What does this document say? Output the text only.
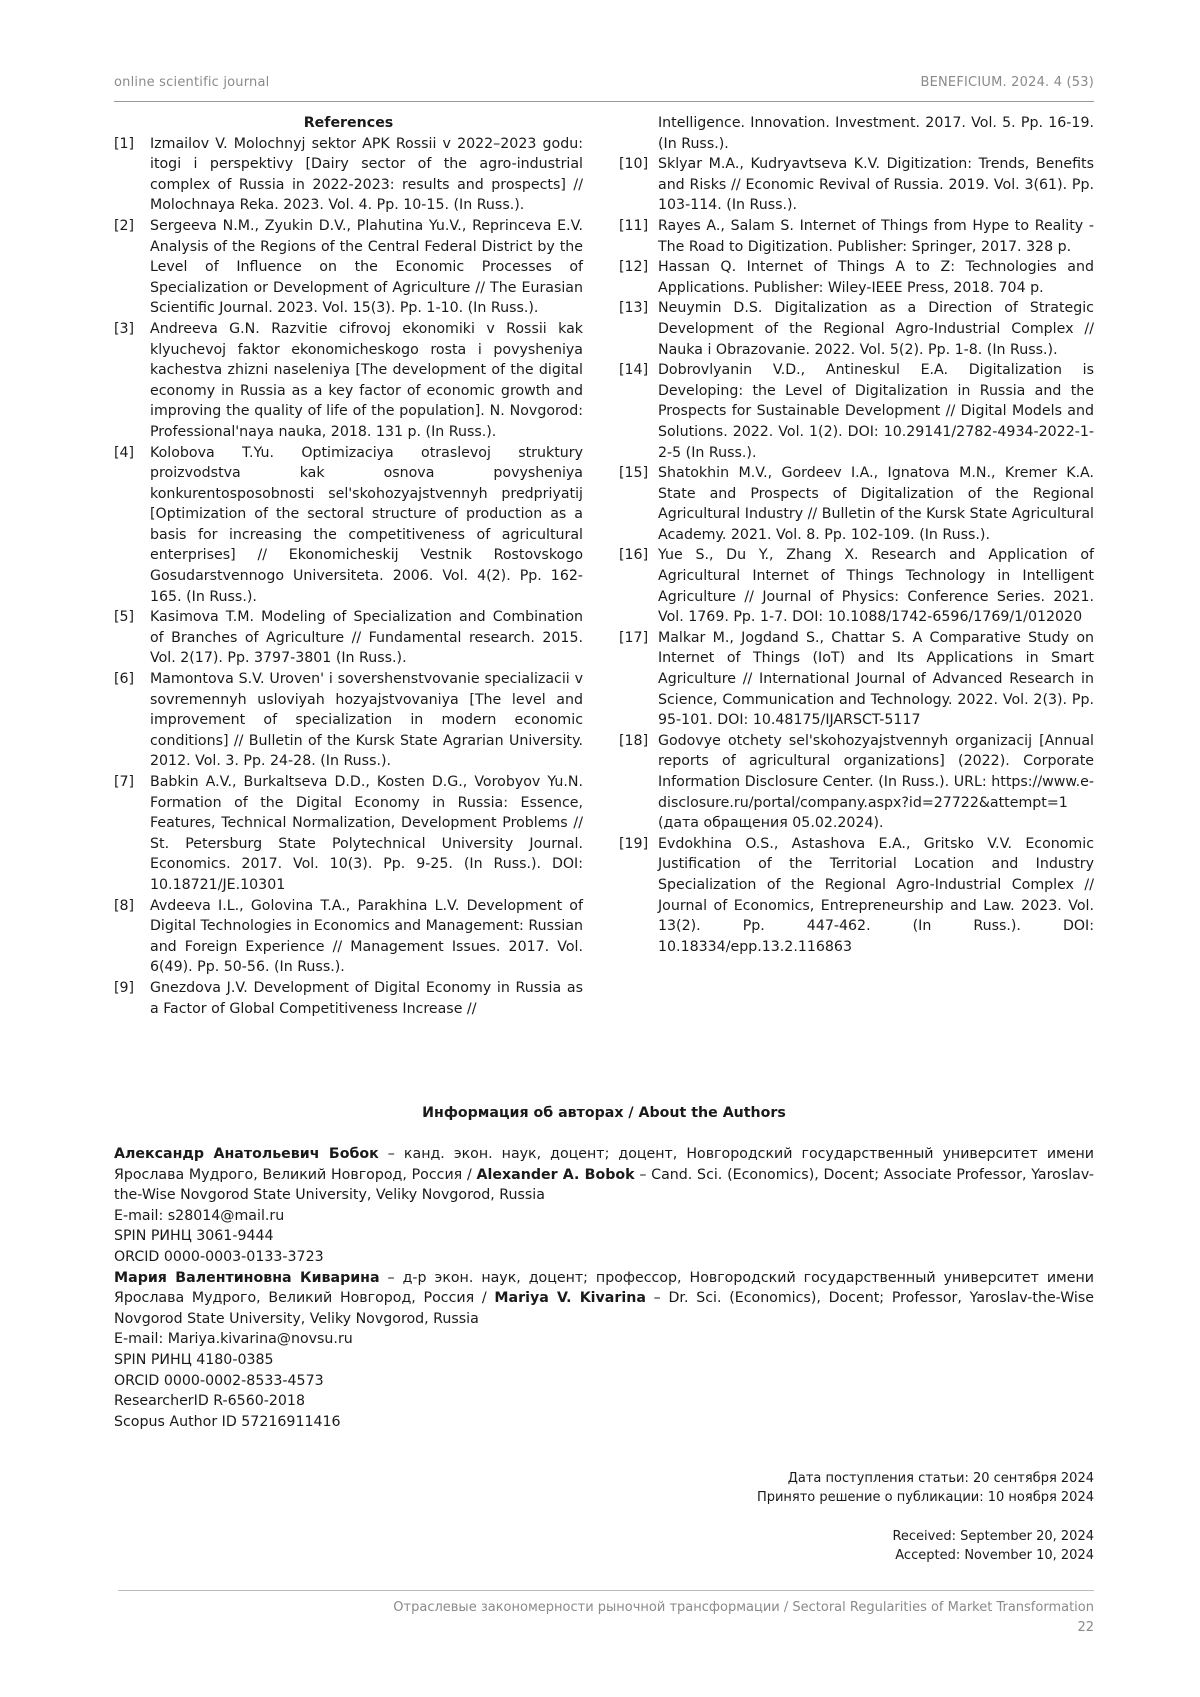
online scientific journal	BENEFICIUM. 2024. 4 (53)
References
[1]	Izmailov V. Molochnyj sektor APK Rossii v 2022–2023 godu: itogi i perspektivy [Dairy sector of the agro-industrial complex of Russia in 2022-2023: results and prospects] // Molochnaya Reka. 2023. Vol. 4. Pp. 10-15. (In Russ.).
[2]	Sergeeva N.M., Zyukin D.V., Plahutina Yu.V., Reprinceva E.V. Analysis of the Regions of the Central Federal District by the Level of Influence on the Economic Processes of Specialization or Development of Agriculture // The Eurasian Scientific Journal. 2023. Vol. 15(3). Pp. 1-10. (In Russ.).
[3]	Andreeva G.N. Razvitie cifrovoj ekonomiki v Rossii kak klyuchevoj faktor ekonomicheskogo rosta i povysheniya kachestva zhizni naseleniya [The development of the digital economy in Russia as a key factor of economic growth and improving the quality of life of the population]. N. Novgorod: Professional'naya nauka, 2018. 131 p. (In Russ.).
[4]	Kolobova T.Yu. Optimizaciya otraslevoj struktury proizvodstva kak osnova povysheniya konkurentosposobnosti sel'skohozyajstvennyh predpriyatij [Optimization of the sectoral structure of production as a basis for increasing the competitiveness of agricultural enterprises] // Ekonomicheskij Vestnik Rostovskogo Gosudarstvennogo Universiteta. 2006. Vol. 4(2). Pp. 162-165. (In Russ.).
[5]	Kasimova T.M. Modeling of Specialization and Combination of Branches of Agriculture // Fundamental research. 2015. Vol. 2(17). Pp. 3797-3801 (In Russ.).
[6]	Mamontova S.V. Uroven' i sovershenstvovanie specializacii v sovremennyh usloviyah hozyajstvovaniya [The level and improvement of specialization in modern economic conditions] // Bulletin of the Kursk State Agrarian University. 2012. Vol. 3. Pp. 24-28. (In Russ.).
[7]	Babkin A.V., Burkaltseva D.D., Kosten D.G., Vorobyov Yu.N. Formation of the Digital Economy in Russia: Essence, Features, Technical Normalization, Development Problems // St. Petersburg State Polytechnical University Journal. Economics. 2017. Vol. 10(3). Pp. 9-25. (In Russ.). DOI: 10.18721/JE.10301
[8]	Avdeeva I.L., Golovina T.A., Parakhina L.V. Development of Digital Technologies in Economics and Management: Russian and Foreign Experience // Management Issues. 2017. Vol. 6(49). Pp. 50-56. (In Russ.).
[9]	Gnezdova J.V. Development of Digital Economy in Russia as a Factor of Global Competitiveness Increase //
Intelligence. Innovation. Investment. 2017. Vol. 5. Pp. 16-19. (In Russ.).
[10] Sklyar M.A., Kudryavtseva K.V. Digitization: Trends, Benefits and Risks // Economic Revival of Russia. 2019. Vol. 3(61). Pp. 103-114. (In Russ.).
[11] Rayes A., Salam S. Internet of Things from Hype to Reality - The Road to Digitization. Publisher: Springer, 2017. 328 p.
[12] Hassan Q. Internet of Things A to Z: Technologies and Applications. Publisher: Wiley-IEEE Press, 2018. 704 p.
[13] Neuymin D.S. Digitalization as a Direction of Strategic Development of the Regional Agro-Industrial Complex // Nauka i Obrazovanie. 2022. Vol. 5(2). Pp. 1-8. (In Russ.).
[14] Dobrovlyanin V.D., Antineskul E.A. Digitalization is Developing: the Level of Digitalization in Russia and the Prospects for Sustainable Development // Digital Models and Solutions. 2022. Vol. 1(2). DOI: 10.29141/2782-4934-2022-1-2-5 (In Russ.).
[15] Shatokhin M.V., Gordeev I.A., Ignatova M.N., Kremer K.A. State and Prospects of Digitalization of the Regional Agricultural Industry // Bulletin of the Kursk State Agricultural Academy. 2021. Vol. 8. Pp. 102-109. (In Russ.).
[16] Yue S., Du Y., Zhang X. Research and Application of Agricultural Internet of Things Technology in Intelligent Agriculture // Journal of Physics: Conference Series. 2021. Vol. 1769. Pp. 1-7. DOI: 10.1088/1742-6596/1769/1/012020
[17] Malkar M., Jogdand S., Chattar S. A Comparative Study on Internet of Things (IoT) and Its Applications in Smart Agriculture // International Journal of Advanced Research in Science, Communication and Technology. 2022. Vol. 2(3). Pp. 95-101. DOI: 10.48175/IJARSCT-5117
[18] Godovye otchety sel'skohozyajstvennyh organizacij [Annual reports of agricultural organizations] (2022). Corporate Information Disclosure Center. (In Russ.). URL: https://www.e-disclosure.ru/portal/company.aspx?id=27722&attempt=1 (дата обращения 05.02.2024).
[19] Evdokhina O.S., Astashova E.A., Gritsko V.V. Economic Justification of the Territorial Location and Industry Specialization of the Regional Agro-Industrial Complex // Journal of Economics, Entrepreneurship and Law. 2023. Vol. 13(2). Pp. 447-462. (In Russ.). DOI: 10.18334/epp.13.2.116863
Информация об авторах / About the Authors

Александр Анатольевич Бобок – канд. экон. наук, доцент; доцент, Новгородский государственный университет имени Ярослава Мудрого, Великий Новгород, Россия / Alexander A. Bobok – Cand. Sci. (Economics), Docent; Associate Professor, Yaroslav-the-Wise Novgorod State University, Veliky Novgorod, Russia

E-mail: s28014@mail.ru

SPIN РИНЦ 3061-9444

ORCID 0000-0003-0133-3723

Мария Валентиновна Киварина – д-р экон. наук, доцент; профессор, Новгородский государственный университет имени Ярослава Мудрого, Великий Новгород, Россия / Mariya V. Kivarina – Dr. Sci. (Economics), Docent; Professor, Yaroslav-the-Wise Novgorod State University, Veliky Novgorod, Russia

E-mail: Mariya.kivarina@novsu.ru

SPIN РИНЦ 4180-0385

ORCID 0000-0002-8533-4573

ResearcherID R-6560-2018

Scopus Author ID 57216911416

Дата поступления статьи: 20 сентября 2024
Принято решение о публикации: 10 ноября 2024
Received: September 20, 2024
Accepted: November 10, 2024
Отраслевые закономерности рыночной трансформации / Sectoral Regularities of Market Transformation
22
